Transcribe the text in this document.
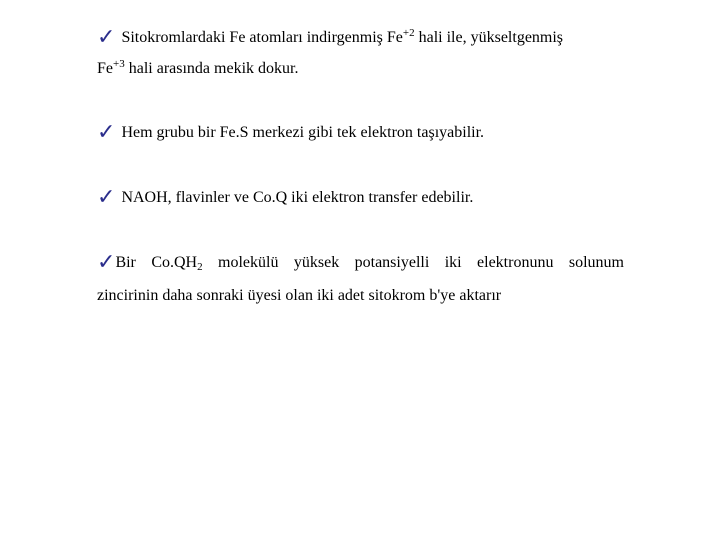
✓ Sitokromlardaki Fe atomları indirgenmiş $Fe^{+2}$ hali ile, yükseltgenmiş
$Fe^{+3}$ hali arasında mekik dokur.
✓ Hem grubu bir Fe.S merkezi gibi tek elektron taşıyabilir.
✓ NAOH, flavinler ve Co.Q iki elektron transfer edebilir.
✓Bir $Co.QH_2$ molekülü yüksek potansiyelli iki elektronunu solunum
zincirinin daha sonraki üyesi olan iki adet sitokrom b'ye aktarır
